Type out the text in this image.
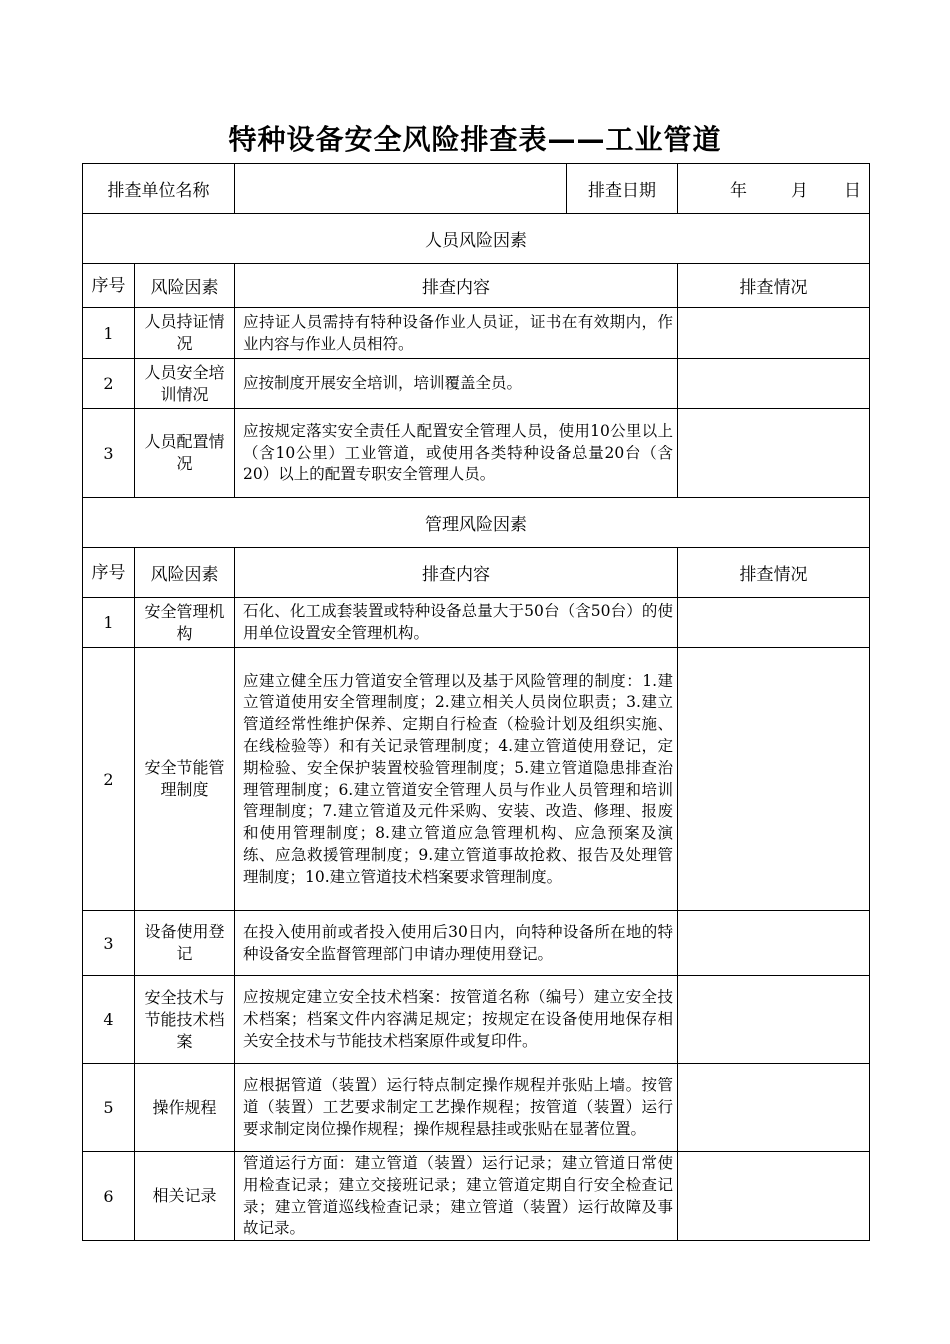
特种设备安全风险排查表——工业管道
排查单位名称			排查日期	年 月 日
人员风险因素				
序号	风险因素	排查内容		排查情况
1	人员持证情况	应持证人员需持有特种设备作业人员证，证书在有效期内，作业内容与作业人员相符。		
2	人员安全培训情况	应按制度开展安全培训，培训覆盖全员。		
3	人员配置情况	应按规定落实安全责任人配置安全管理人员，使用10公里以上（含10公里）工业管道，或使用各类特种设备总量20台（含20）以上的配置专职安全管理人员。		
管理风险因素				
序号	风险因素	排查内容		排查情况
1	安全管理机构	石化、化工成套装置或特种设备总量大于50台（含50台）的使用单位设置安全管理机构。		
2	安全节能管理制度	应建立健全压力管道安全管理以及基于风险管理的制度：1.建立管道使用安全管理制度；2.建立相关人员岗位职责；3.建立管道经常性维护保养、定期自行检查（检验计划及组织实施、在线检验等）和有关记录管理制度；4.建立管道使用登记，定期检验、安全保护装置校验管理制度；5.建立管道隐患排查治理管理制度；6.建立管道安全管理人员与作业人员管理和培训管理制度；7.建立管道及元件采购、安装、改造、修理、报废和使用管理制度；8.建立管道应急管理机构、应急预案及演练、应急救援管理制度；9.建立管道事故抢救、报告及处理管理制度；10.建立管道技术档案要求管理制度。		
3	设备使用登记	在投入使用前或者投入使用后30日内，向特种设备所在地的特种设备安全监督管理部门申请办理使用登记。		
4	安全技术与节能技术档案	应按规定建立安全技术档案：按管道名称（编号）建立安全技术档案；档案文件内容满足规定；按规定在设备使用地保存相关安全技术与节能技术档案原件或复印件。		
5	操作规程	应根据管道（装置）运行特点制定操作规程并张贴上墙。按管道（装置）工艺要求制定工艺操作规程；按管道（装置）运行要求制定岗位操作规程；操作规程悬挂或张贴在显著位置。		
6	相关记录	管道运行方面：建立管道（装置）运行记录；建立管道日常使用检查记录；建立交接班记录；建立管道定期自行安全检查记录；建立管道巡线检查记录；建立管道（装置）运行故障及事故记录。		
